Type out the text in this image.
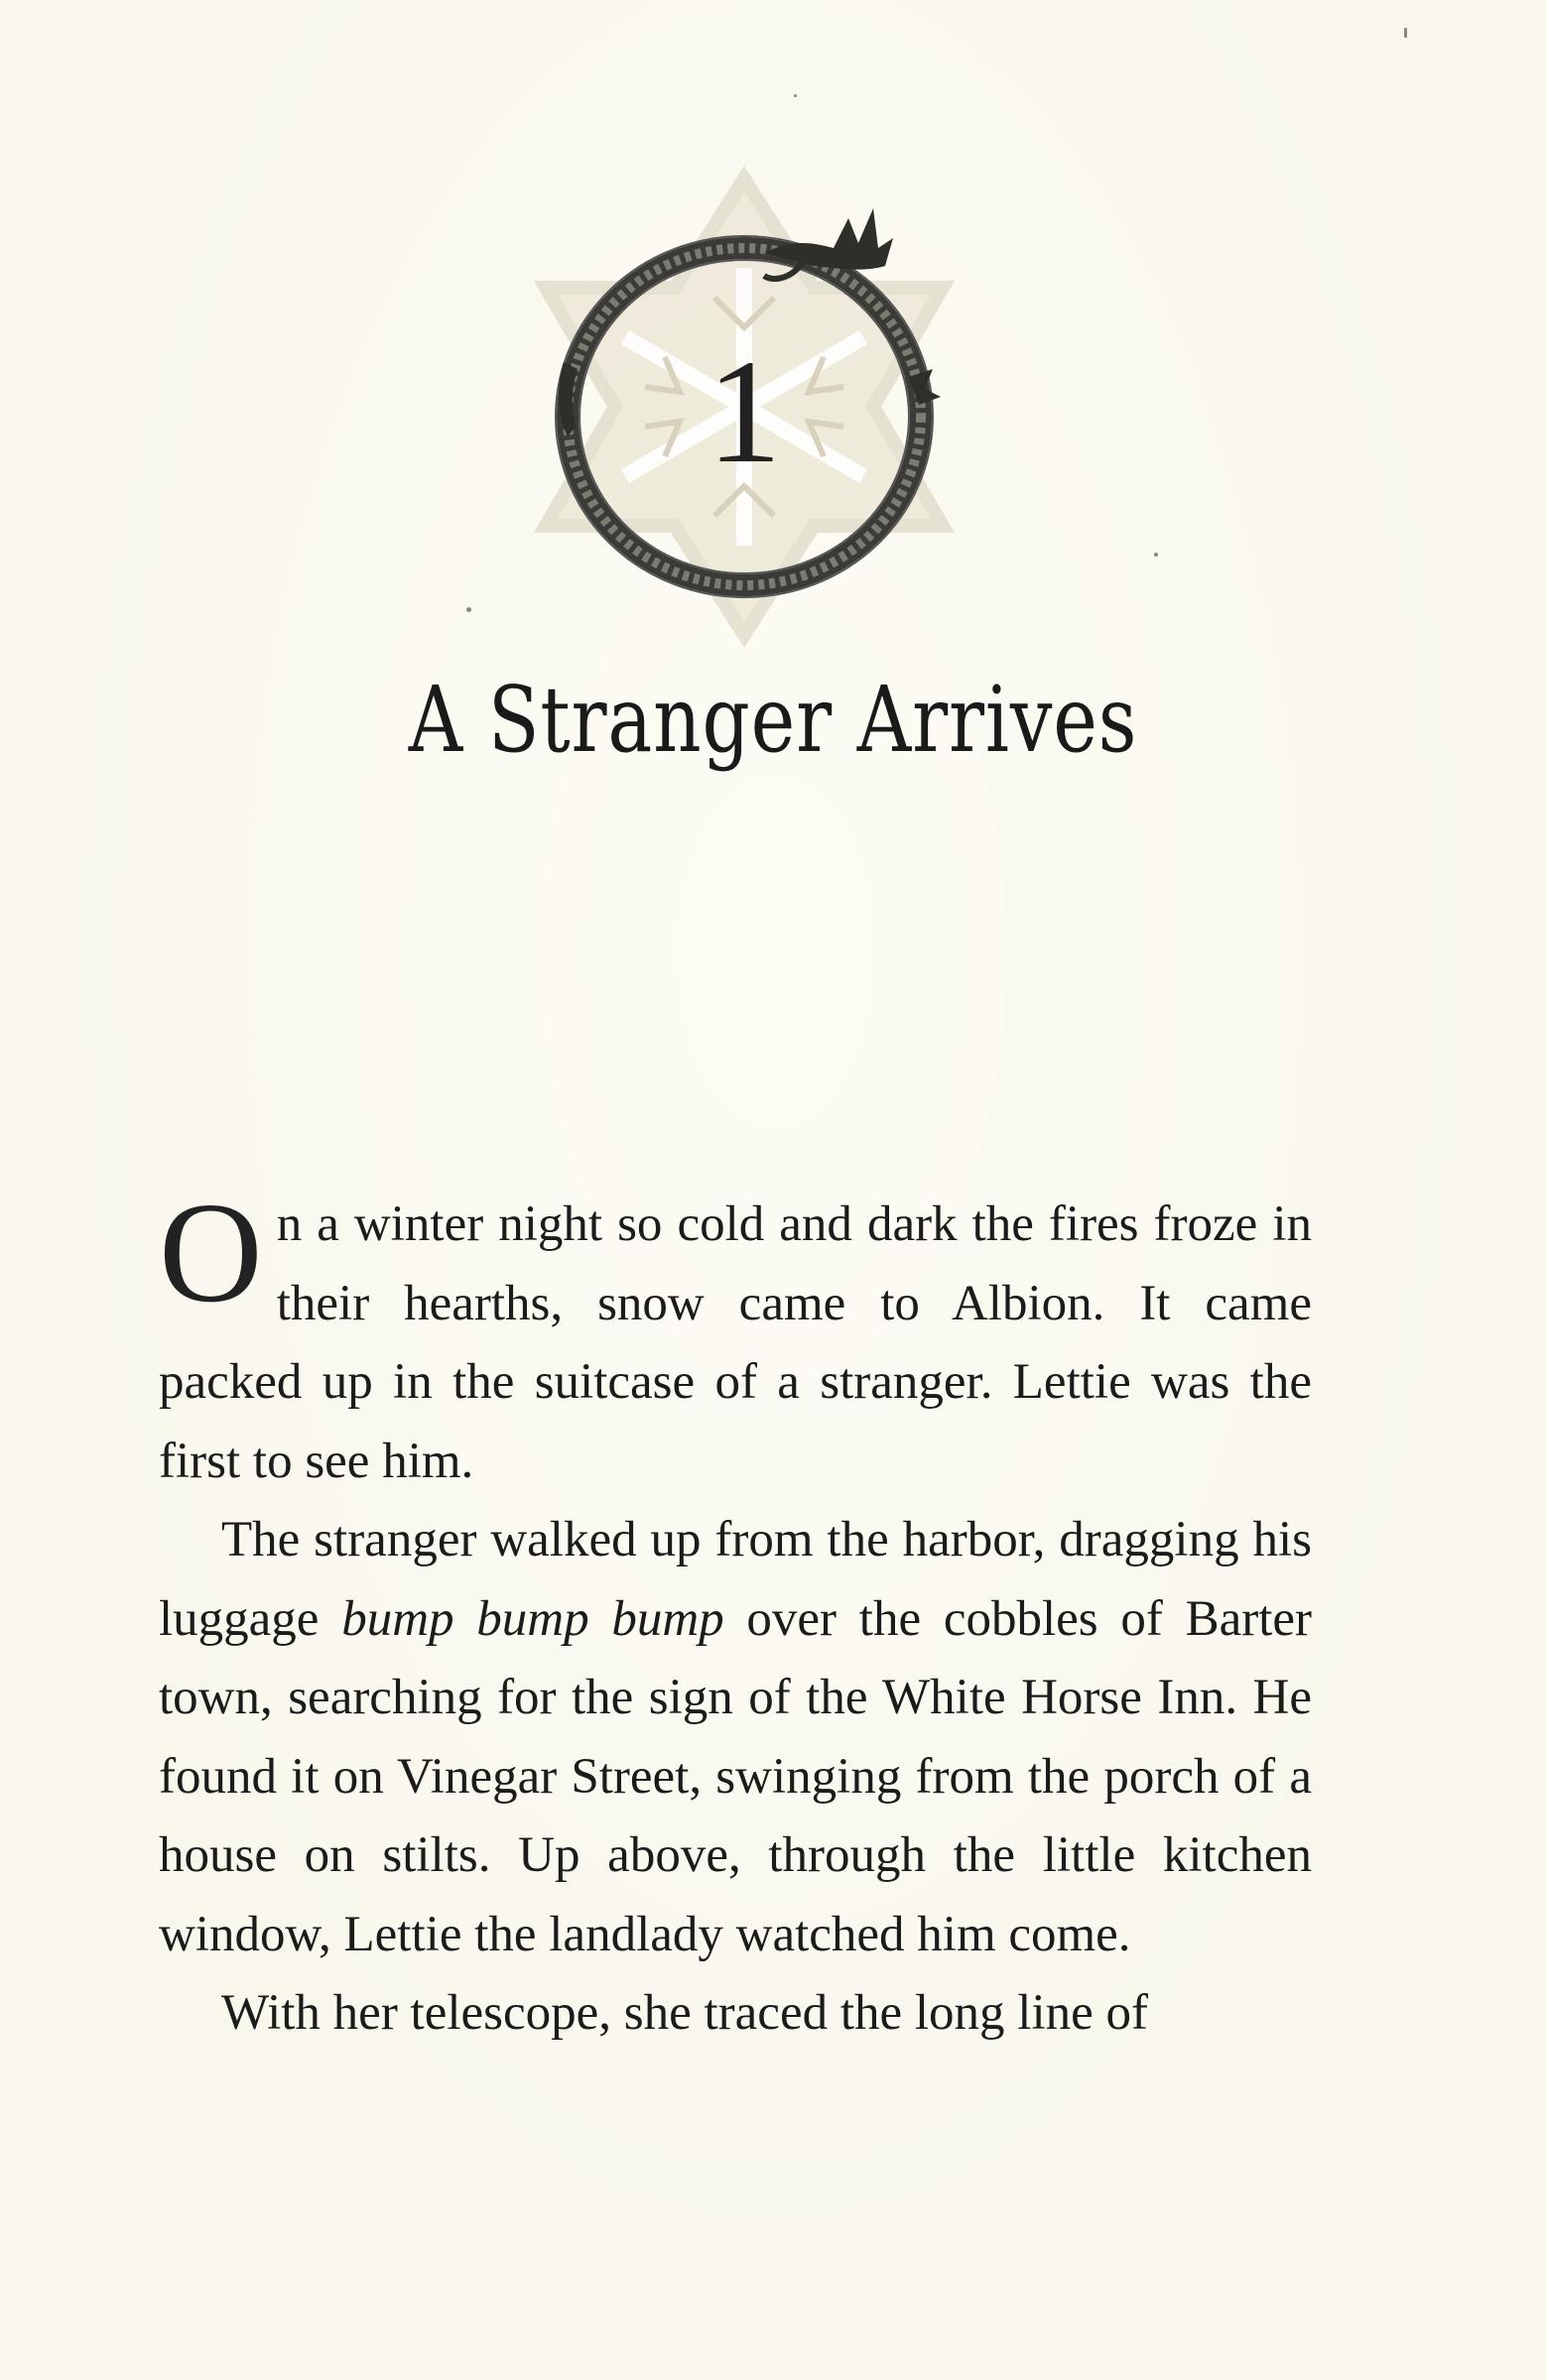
1
A Stranger Arrives

On a winter night so cold and dark the fires froze in their hearths, snow came to Albion. It came packed up in the suitcase of a stranger. Lettie was the first to see him.

The stranger walked up from the harbor, dragging his luggage bump bump bump over the cobbles of Barter town, searching for the sign of the White Horse Inn. He found it on Vinegar Street, swinging from the porch of a house on stilts. Up above, through the little kitchen window, Lettie the landlady watched him come.

With her telescope, she traced the long line of
